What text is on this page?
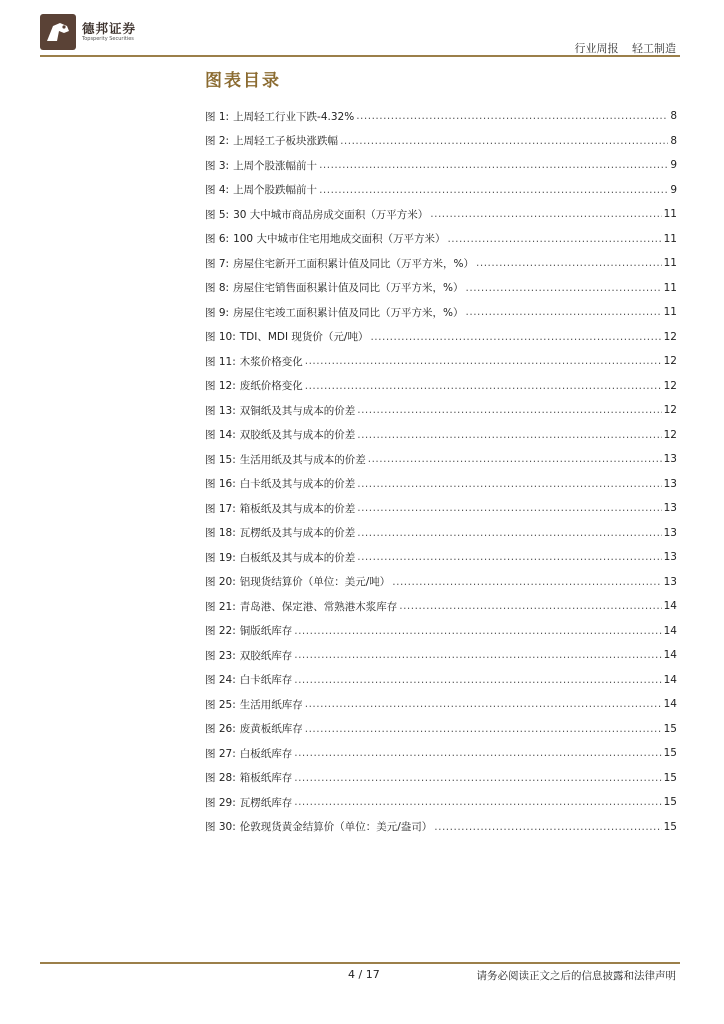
德邦证券
Topsperity Securities
行业周报 轻工制造
图表目录
图 1: 上周轻工行业下跌-4.32% .....	8
图 2: 上周轻工子板块涨跌幅 .....	8
图 3: 上周个股涨幅前十 .....	9
图 4: 上周个股跌幅前十 .....	9
图 5: 30 大中城市商品房成交面积（万平方米） .....	11
图 6: 100 大中城市住宅用地成交面积（万平方米） .....	11
图 7: 房屋住宅新开工面积累计值及同比（万平方米，%） .....	11
图 8: 房屋住宅销售面积累计值及同比（万平方米，%） .....	11
图 9: 房屋住宅竣工面积累计值及同比（万平方米，%） .....	11
图 10: TDI、MDI 现货价（元/吨） .....	12
图 11: 木浆价格变化 .....	12
图 12: 废纸价格变化 .....	12
图 13: 双铜纸及其与成本的价差 .....	12
图 14: 双胶纸及其与成本的价差 .....	12
图 15: 生活用纸及其与成本的价差 .....	13
图 16: 白卡纸及其与成本的价差 .....	13
图 17: 箱板纸及其与成本的价差 .....	13
图 18: 瓦楞纸及其与成本的价差 .....	13
图 19: 白板纸及其与成本的价差 .....	13
图 20: 铝现货结算价（单位：美元/吨） .....	13
图 21: 青岛港、保定港、常熟港木浆库存 .....	14
图 22: 铜版纸库存 .....	14
图 23: 双胶纸库存 .....	14
图 24: 白卡纸库存 .....	14
图 25: 生活用纸库存 .....	14
图 26: 废黄板纸库存 .....	15
图 27: 白板纸库存 .....	15
图 28: 箱板纸库存 .....	15
图 29: 瓦楞纸库存 .....	15
图 30: 伦敦现货黄金结算价（单位：美元/盎司） .....	15
4 / 17	请务必阅读正文之后的信息披露和法律声明
